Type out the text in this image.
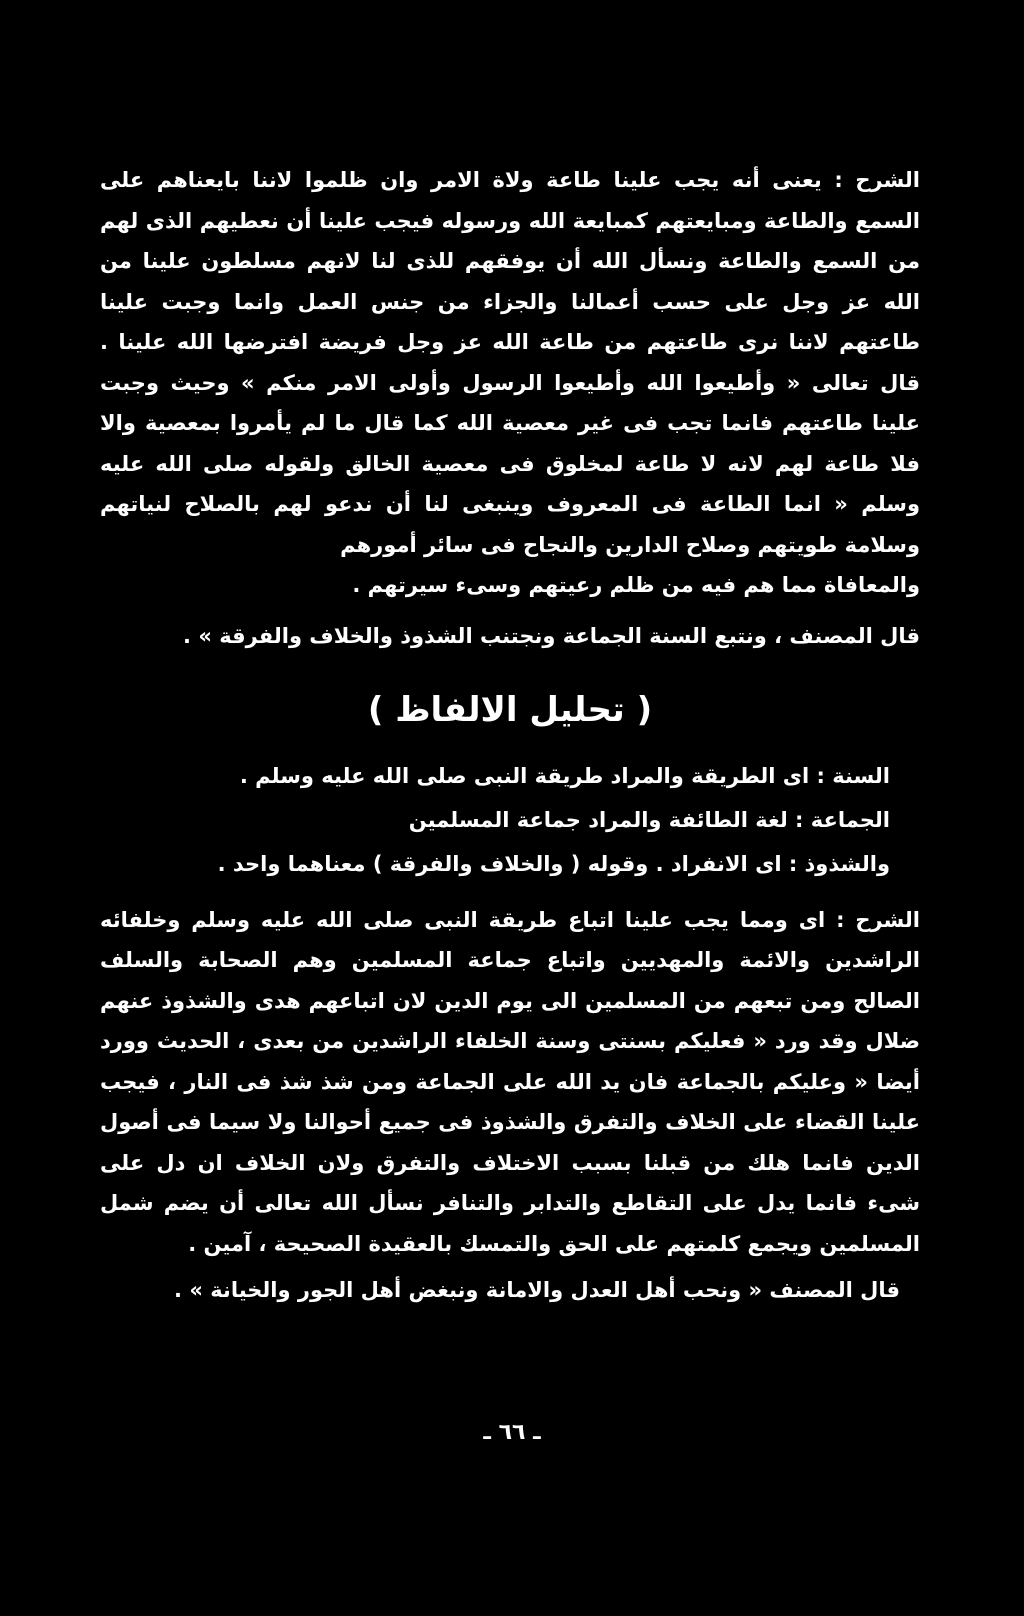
الشرح : يعنى أنه يجب علينا طاعة ولاة الامر وان ظلموا لاننا بايعناهم على السمع والطاعة ومبايعتهم كمبايعة الله ورسوله فيجب علينا أن نعطيهم الذى لهم من السمع والطاعة ونسأل الله أن يوفقهم للذى لنا لانهم مسلطون علينا من الله عز وجل على حسب أعمالنا والجزاء من جنس العمل وانما وجبت علينا طاعتهم لاننا نرى طاعتهم من طاعة الله عز وجل فريضة افترضها الله علينا . قال تعالى « وأطيعوا الله وأطيعوا الرسول وأولى الامر منكم » وحيث وجبت علينا طاعتهم فانما تجب فى غير معصية الله كما قال ما لم يأمروا بمعصية والا فلا طاعة لهم لانه لا طاعة لمخلوق فى معصية الخالق ولقوله صلى الله عليه وسلم « انما الطاعة فى المعروف وينبغى لنا أن ندعو لهم بالصلاح لنياتهم وسلامة طويتهم وصلاح الدارين والنجاح فى سائر أمورهم

والمعافاة مما هم فيه من ظلم رعيتهم وسىء سيرتهم .

قال المصنف ، ونتبع السنة الجماعة ونجتنب الشذوذ والخلاف والفرقة » .

( تحليل الالفاظ )

السنة : اى الطريقة والمراد طريقة النبى صلى الله عليه وسلم .

الجماعة : لغة الطائفة والمراد جماعة المسلمين

والشذوذ : اى الانفراد . وقوله ( والخلاف والفرقة ) معناهما واحد .

الشرح : اى ومما يجب علينا اتباع طريقة النبى صلى الله عليه وسلم وخلفائه الراشدين والائمة والمهديين واتباع جماعة المسلمين وهم الصحابة والسلف الصالح ومن تبعهم من المسلمين الى يوم الدين لان اتباعهم هدى والشذوذ عنهم ضلال وقد ورد « فعليكم بسنتى وسنة الخلفاء الراشدين من بعدى ، الحديث وورد أيضا « وعليكم بالجماعة فان يد الله على الجماعة ومن شذ شذ فى النار ، فيجب علينا القضاء على الخلاف والتفرق والشذوذ فى جميع أحوالنا ولا سيما فى أصول الدين فانما هلك من قبلنا بسبب الاختلاف والتفرق ولان الخلاف ان دل على شىء فانما يدل على التقاطع والتدابر والتنافر نسأل الله تعالى أن يضم شمل المسلمين ويجمع كلمتهم على الحق والتمسك بالعقيدة الصحيحة ، آمين .

قال المصنف « ونحب أهل العدل والامانة ونبغض أهل الجور والخيانة » .

ـ ٦٦ ـ
